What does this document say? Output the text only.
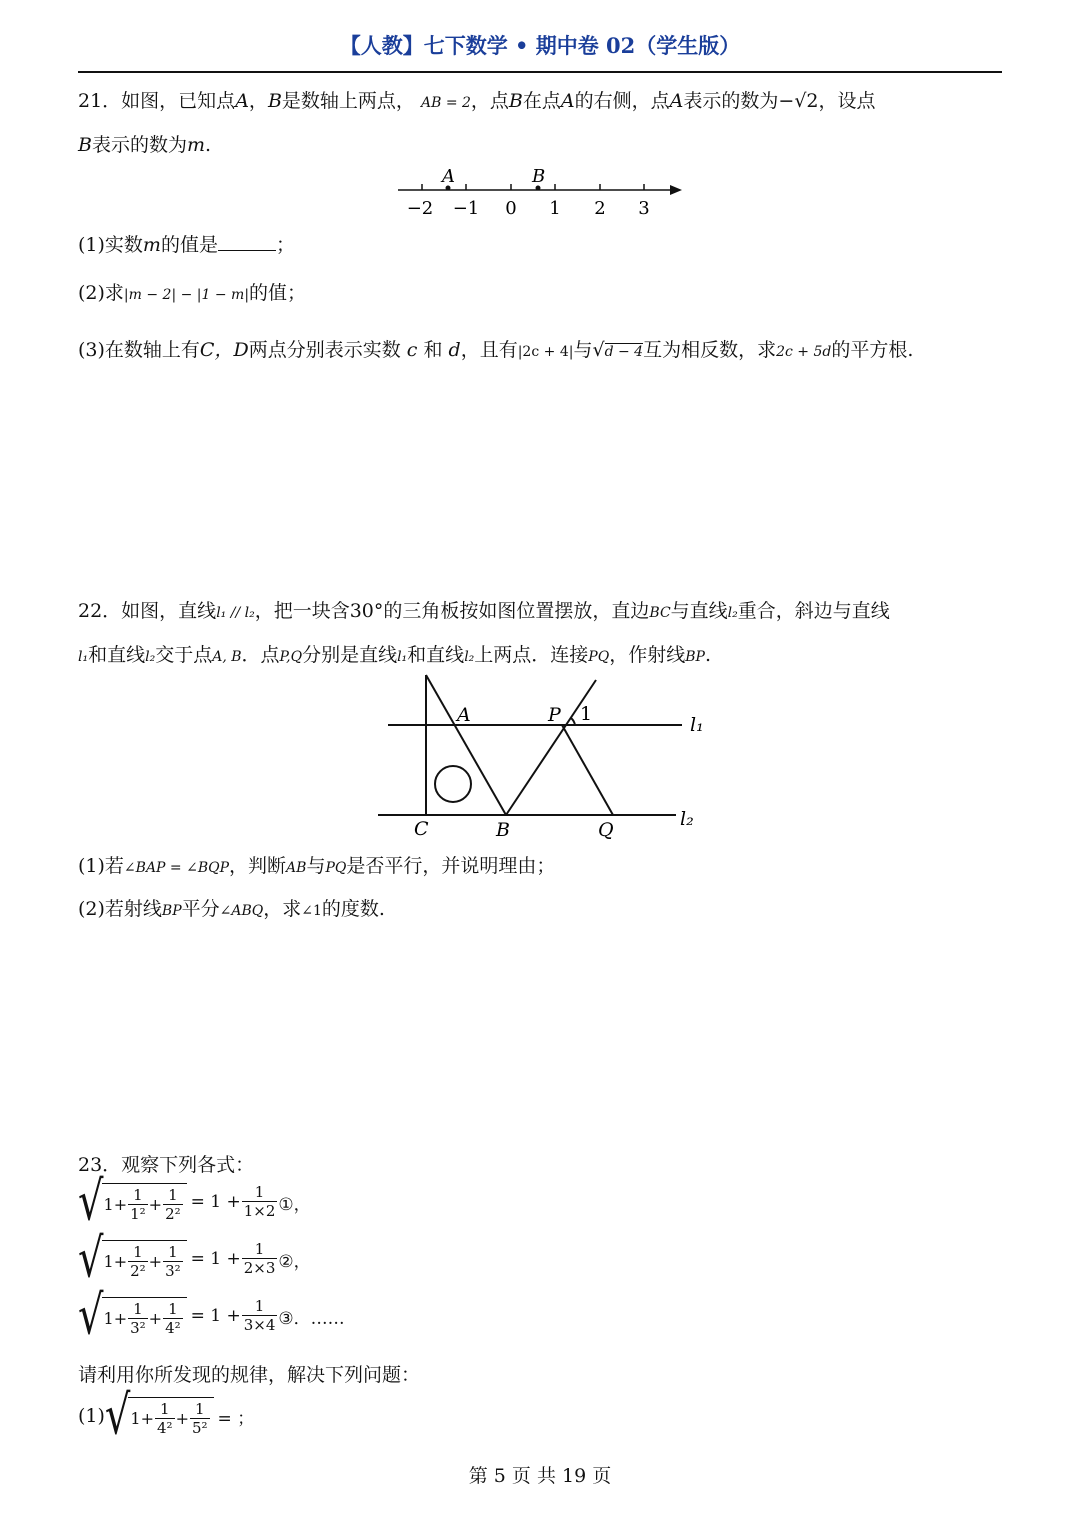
【人教】七下数学 • 期中卷 02（学生版）
21．如图，已知点A，B是数轴上两点， AB = 2，点B在点A的右侧，点A表示的数为−√2，设点
B表示的数为m.
A	B
−2 −1 0 1 2 3
(1)实数m的值是	；
(2)求|m − 2| − |1 − m|的值；
(3)在数轴上有C，D两点分别表示实数 c 和 d，且有|2c + 4|与√d − 4互为相反数，求2c + 5d的平方根.
22．如图，直线l₁ // l₂，把一块含30°的三角板按如图位置摆放，直边BC与直线l₂重合，斜边与直线
l₁和直线l₂交于点A, B．点P,Q分别是直线l₁和直线l₂上两点．连接PQ，作射线BP.
A	P 1	l₁
l₂
C	B	Q
(1)若∠BAP = ∠BQP，判断AB与PQ是否平行，并说明理由；
(2)若射线BP平分∠ABQ，求∠1的度数.
23．观察下列各式：
√ $1 + \frac{1}{\text{1²}} + \frac{1}{\text{2²}} = 1 + \frac{1}{1\times 2}$ ①，
√ $1 + \frac{1}{\text{2²}} + \frac{1}{\text{3²}} = 1 + \frac{1}{2\times 3}$ ②，
√ $1 + \frac{1}{\text{3²}} + \frac{1}{\text{4²}} = 1 + \frac{1}{3\times 4}$ ③．……
请利用你所发现的规律，解决下列问题：
(1) √ $1 + \frac{1}{\text{4²}} + \frac{1}{\text{5²}}$ = ；
第 5 页 共 19 页
